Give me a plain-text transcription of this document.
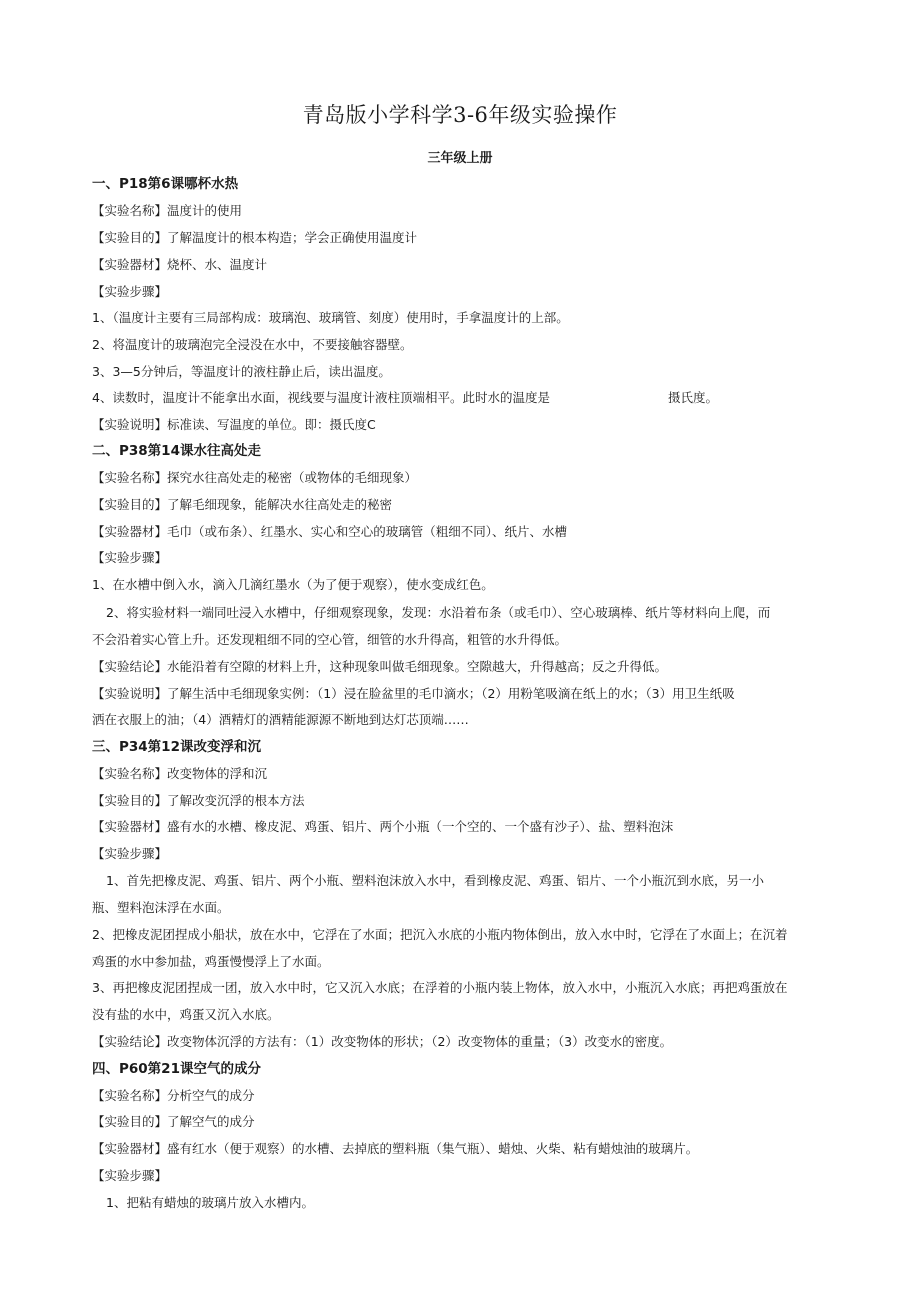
青岛版小学科学3-6年级实验操作
三年级上册
一、P18第6课哪杯水热
【实验名称】温度计的使用
【实验目的】了解温度计的根本构造；学会正确使用温度计
【实验器材】烧杯、水、温度计
【实验步骤】
1、（温度计主要有三局部构成：玻璃泡、玻璃管、刻度）使用时，手拿温度计的上部。
2、将温度计的玻璃泡完全浸没在水中，不要接触容器壁。
3、3—5分钟后，等温度计的液柱静止后，读出温度。
4、读数时，温度计不能拿出水面，视线要与温度计液柱顶端相平。此时水的温度是	摄氏度。
【实验说明】标准读、写温度的单位。即：摄氏度C
二、P38第14课水往高处走
【实验名称】探究水往高处走的秘密（或物体的毛细现象）
【实验目的】了解毛细现象，能解决水往高处走的秘密
【实验器材】毛巾（或布条）、红墨水、实心和空心的玻璃管（粗细不同）、纸片、水槽
【实验步骤】
1、在水槽中倒入水，滴入几滴红墨水（为了便于观察），使水变成红色。
2、将实验材料一端同吐浸入水槽中，仔细观察现象，发现：水沿着布条（或毛巾）、空心玻璃棒、纸片等材料向上爬，而
不会沿着实心管上升。还发现粗细不同的空心管，细管的水升得高，粗管的水升得低。
【实验结论】水能沿着有空隙的材料上升，这种现象叫做毛细现象。空隙越大，升得越高；反之升得低。
【实验说明】了解生活中毛细现象实例：（1）浸在脸盆里的毛巾滴水；（2）用粉笔吸滴在纸上的水；（3）用卫生纸吸
洒在衣服上的油；（4）酒精灯的酒精能源源不断地到达灯芯顶端……
三、P34第12课改变浮和沉
【实验名称】改变物体的浮和沉
【实验目的】了解改变沉浮的根本方法
【实验器材】盛有水的水槽、橡皮泥、鸡蛋、铝片、两个小瓶（一个空的、一个盛有沙子）、盐、塑料泡沫
【实验步骤】
1、首先把橡皮泥、鸡蛋、铝片、两个小瓶、塑料泡沫放入水中，看到橡皮泥、鸡蛋、铝片、一个小瓶沉到水底，另一小
瓶、塑料泡沫浮在水面。
2、把橡皮泥团捏成小船状，放在水中，它浮在了水面；把沉入水底的小瓶内物体倒出，放入水中时，它浮在了水面上；在沉着
鸡蛋的水中参加盐，鸡蛋慢慢浮上了水面。
3、再把橡皮泥团捏成一团，放入水中时，它又沉入水底；在浮着的小瓶内装上物体，放入水中，小瓶沉入水底；再把鸡蛋放在
没有盐的水中，鸡蛋又沉入水底。
【实验结论】改变物体沉浮的方法有：（1）改变物体的形状；（2）改变物体的重量；（3）改变水的密度。
四、P60第21课空气的成分
【实验名称】分析空气的成分
【实验目的】了解空气的成分
【实验器材】盛有红水（便于观察）的水槽、去掉底的塑料瓶（集气瓶）、蜡烛、火柴、粘有蜡烛油的玻璃片。
【实验步骤】
1、把粘有蜡烛的玻璃片放入水槽内。
